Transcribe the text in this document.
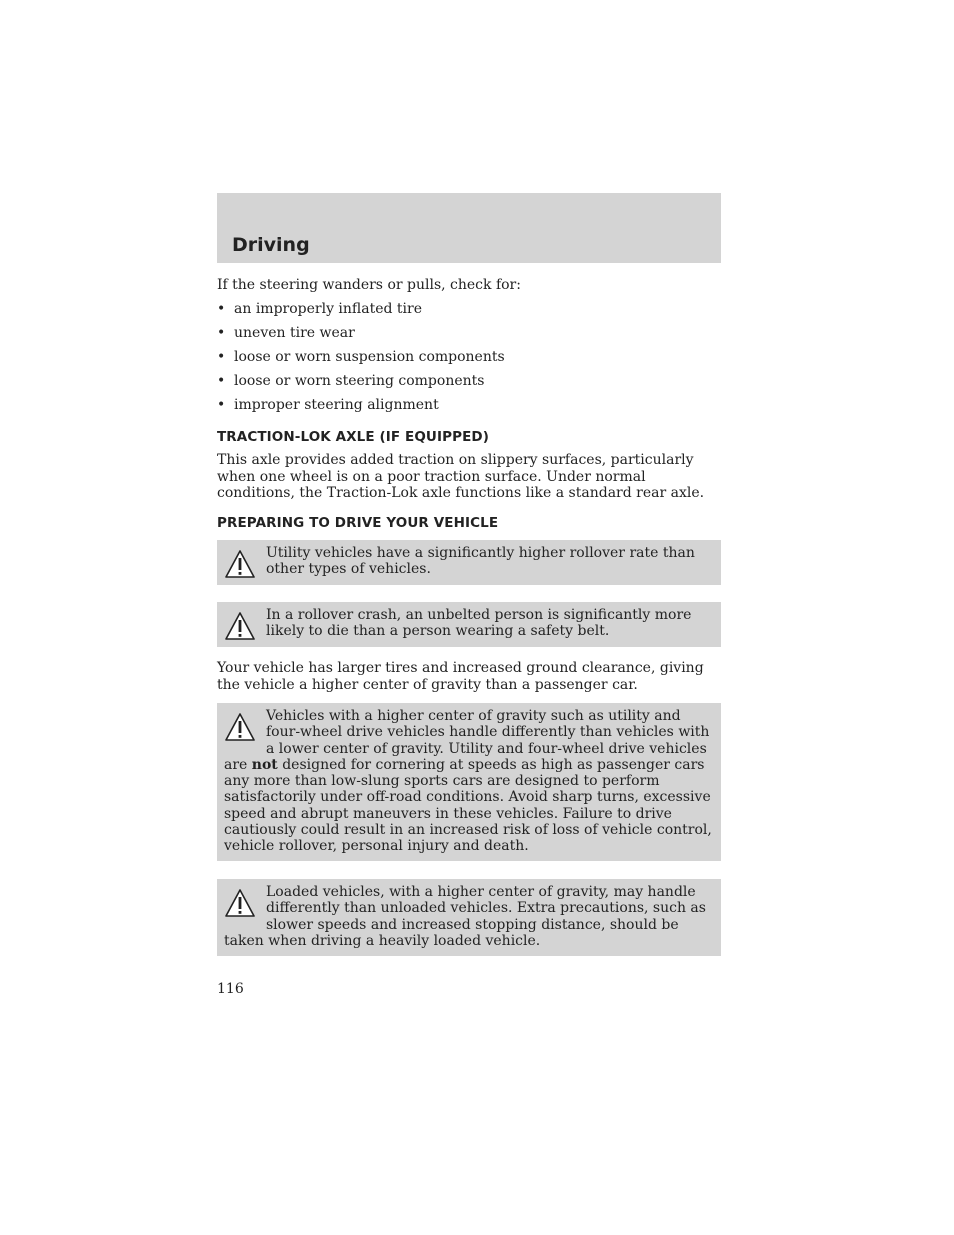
Driving
If the steering wanders or pulls, check for:
• an improperly inflated tire
• uneven tire wear
• loose or worn suspension components
• loose or worn steering components
• improper steering alignment
TRACTION-LOK AXLE (IF EQUIPPED)
This axle provides added traction on slippery surfaces, particularly when one wheel is on a poor traction surface. Under normal conditions, the Traction-Lok axle functions like a standard rear axle.
PREPARING TO DRIVE YOUR VEHICLE
Utility vehicles have a significantly higher rollover rate than other types of vehicles.
In a rollover crash, an unbelted person is significantly more likely to die than a person wearing a safety belt.
Your vehicle has larger tires and increased ground clearance, giving the vehicle a higher center of gravity than a passenger car.
Vehicles with a higher center of gravity such as utility and four-wheel drive vehicles handle differently than vehicles with a lower center of gravity. Utility and four-wheel drive vehicles are not designed for cornering at speeds as high as passenger cars any more than low-slung sports cars are designed to perform satisfactorily under off-road conditions. Avoid sharp turns, excessive speed and abrupt maneuvers in these vehicles. Failure to drive cautiously could result in an increased risk of loss of vehicle control, vehicle rollover, personal injury and death.
Loaded vehicles, with a higher center of gravity, may handle differently than unloaded vehicles. Extra precautions, such as slower speeds and increased stopping distance, should be taken when driving a heavily loaded vehicle.
116
